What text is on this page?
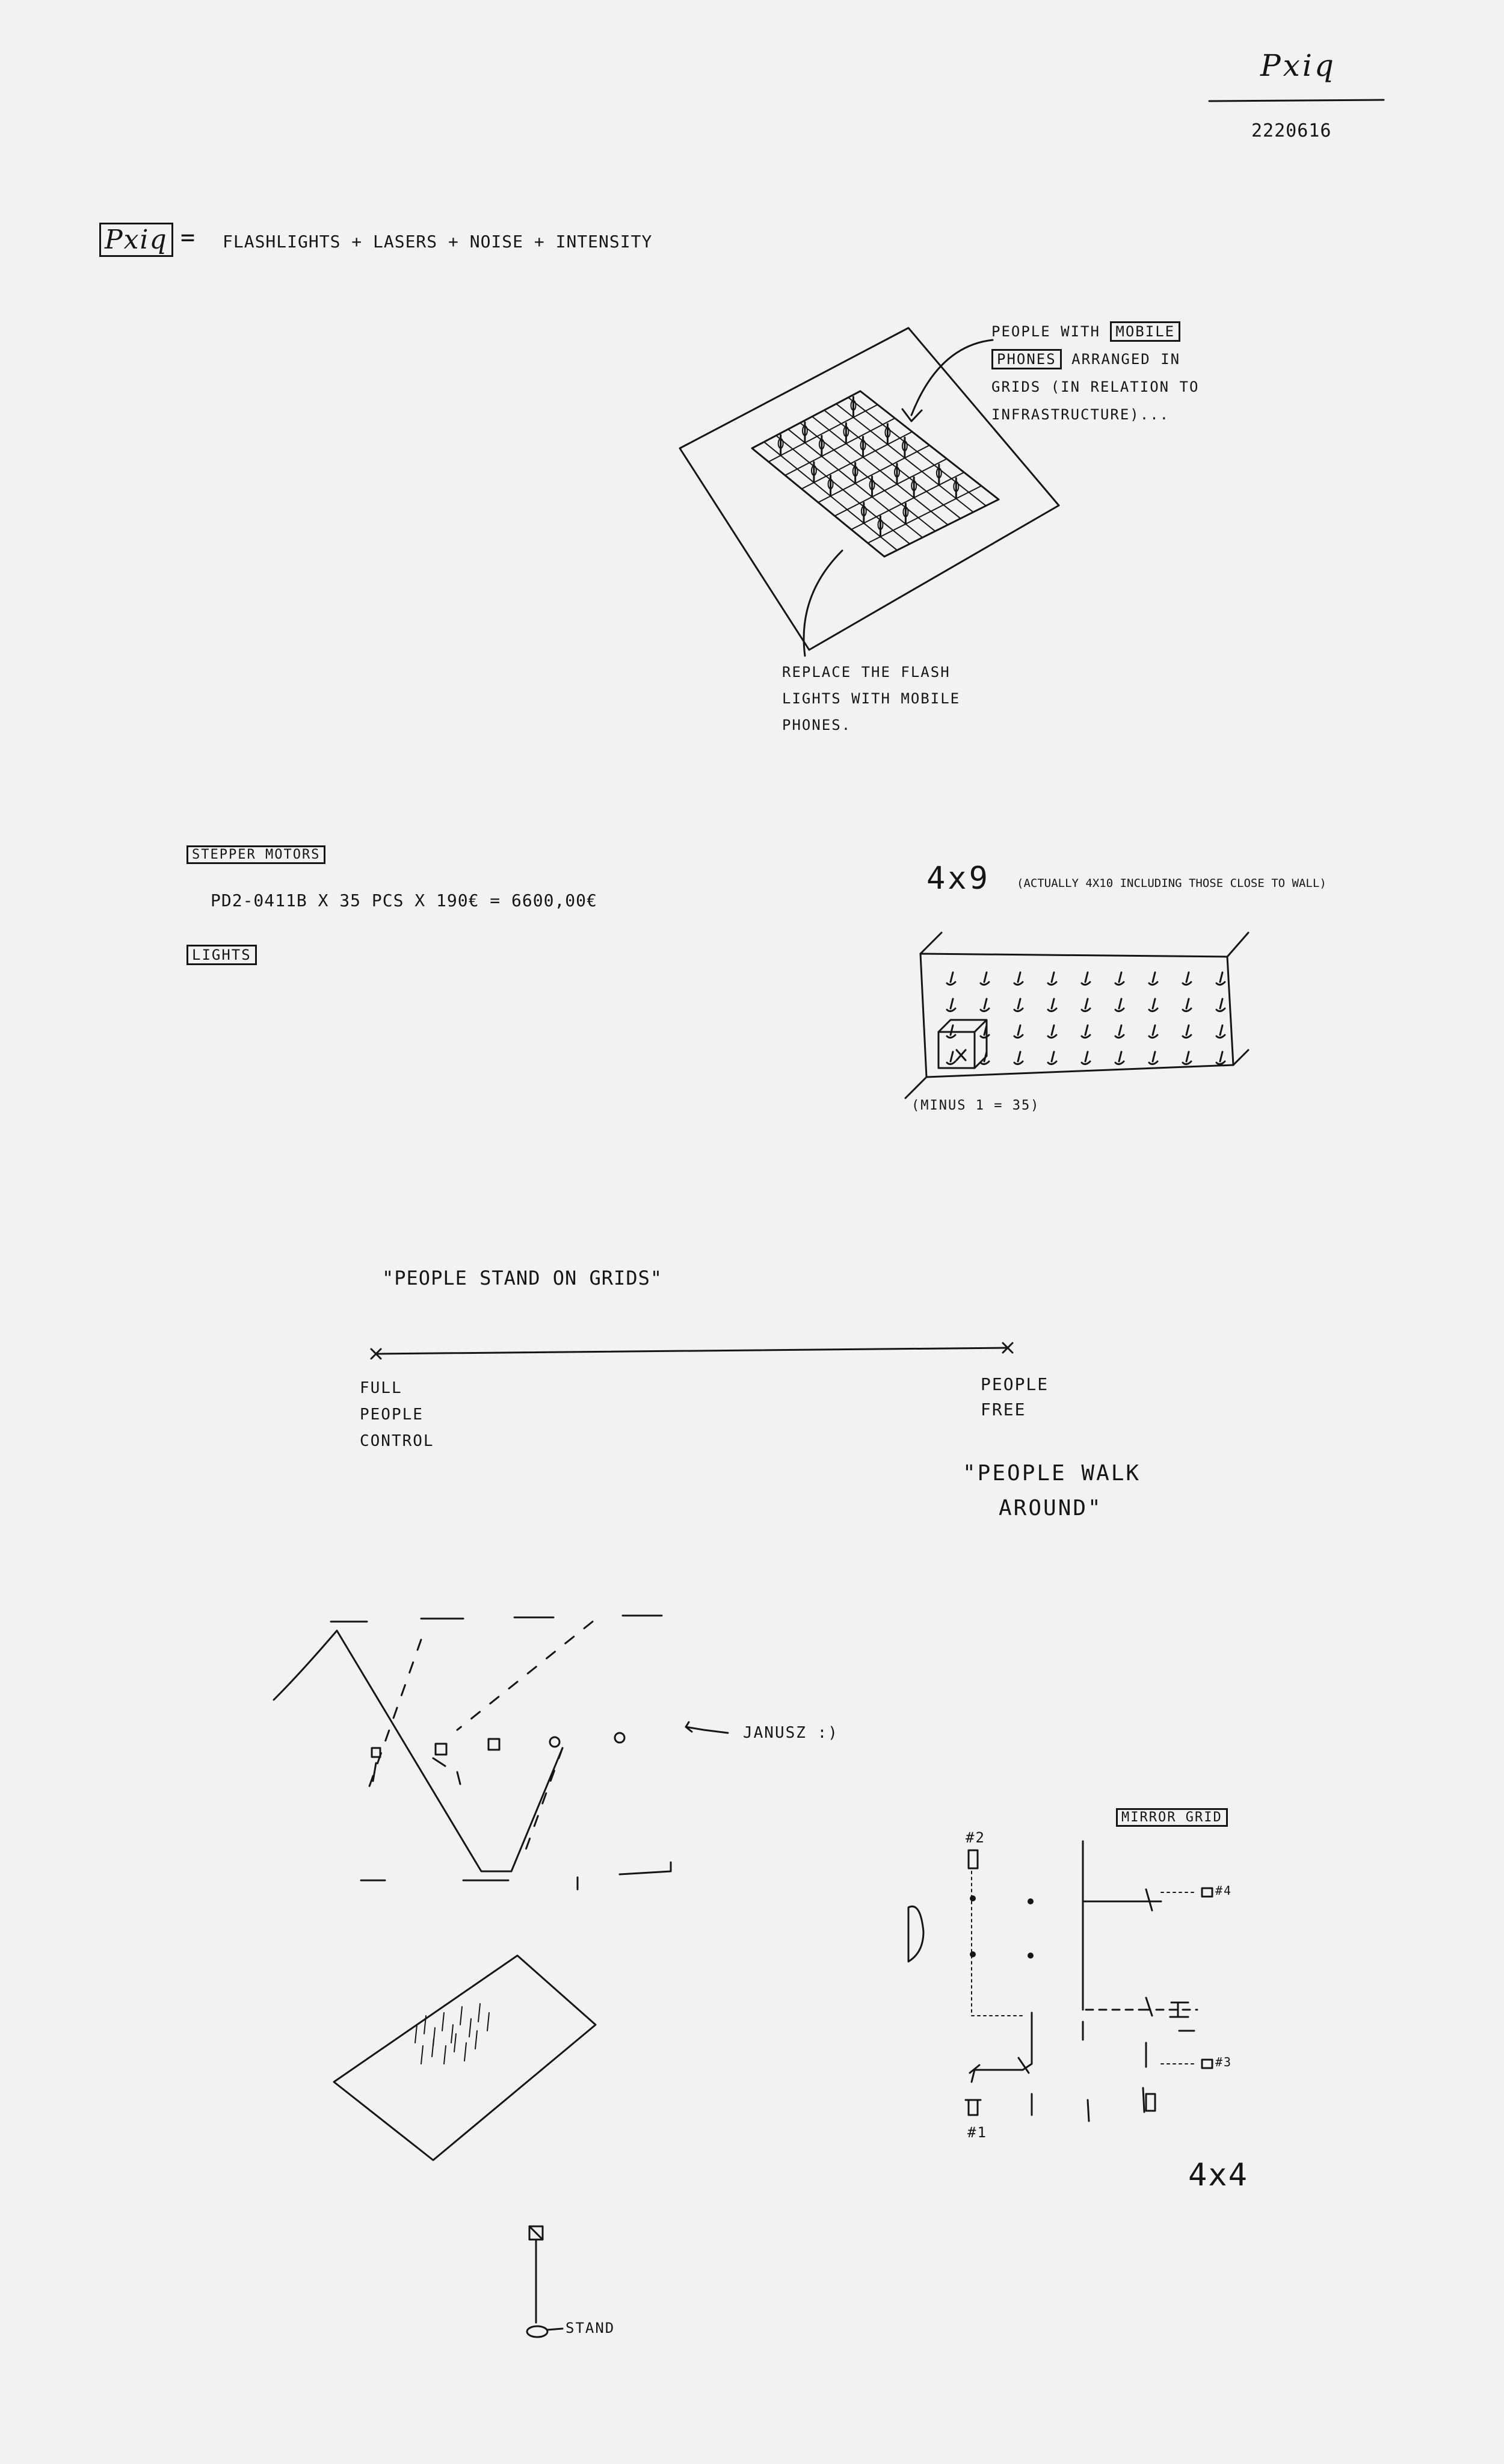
Pxiq
2220616
Pxiq = FLASHLIGHTS + LASERS + NOISE + INTENSITY
PEOPLE WITH MOBILE
PHONES ARRANGED IN
GRIDS (IN RELATION TO
INFRASTRUCTURE)...
REPLACE THE FLASH
LIGHTS WITH MOBILE
PHONES.
STEPPER MOTORS
PD2-0411B X 35 PCS X 190€ = 6600,00€
LIGHTS
4x9 (ACTUALLY 4X10 INCLUDING THOSE CLOSE TO WALL)
(MINUS 1 = 35)
"PEOPLE STAND ON GRIDS"
FULL
PEOPLE
CONTROL
PEOPLE
FREE
"PEOPLE WALK
AROUND"
JANUSZ :)
MIRROR GRID
#2
#1
#4
#3
4x4
STAND
